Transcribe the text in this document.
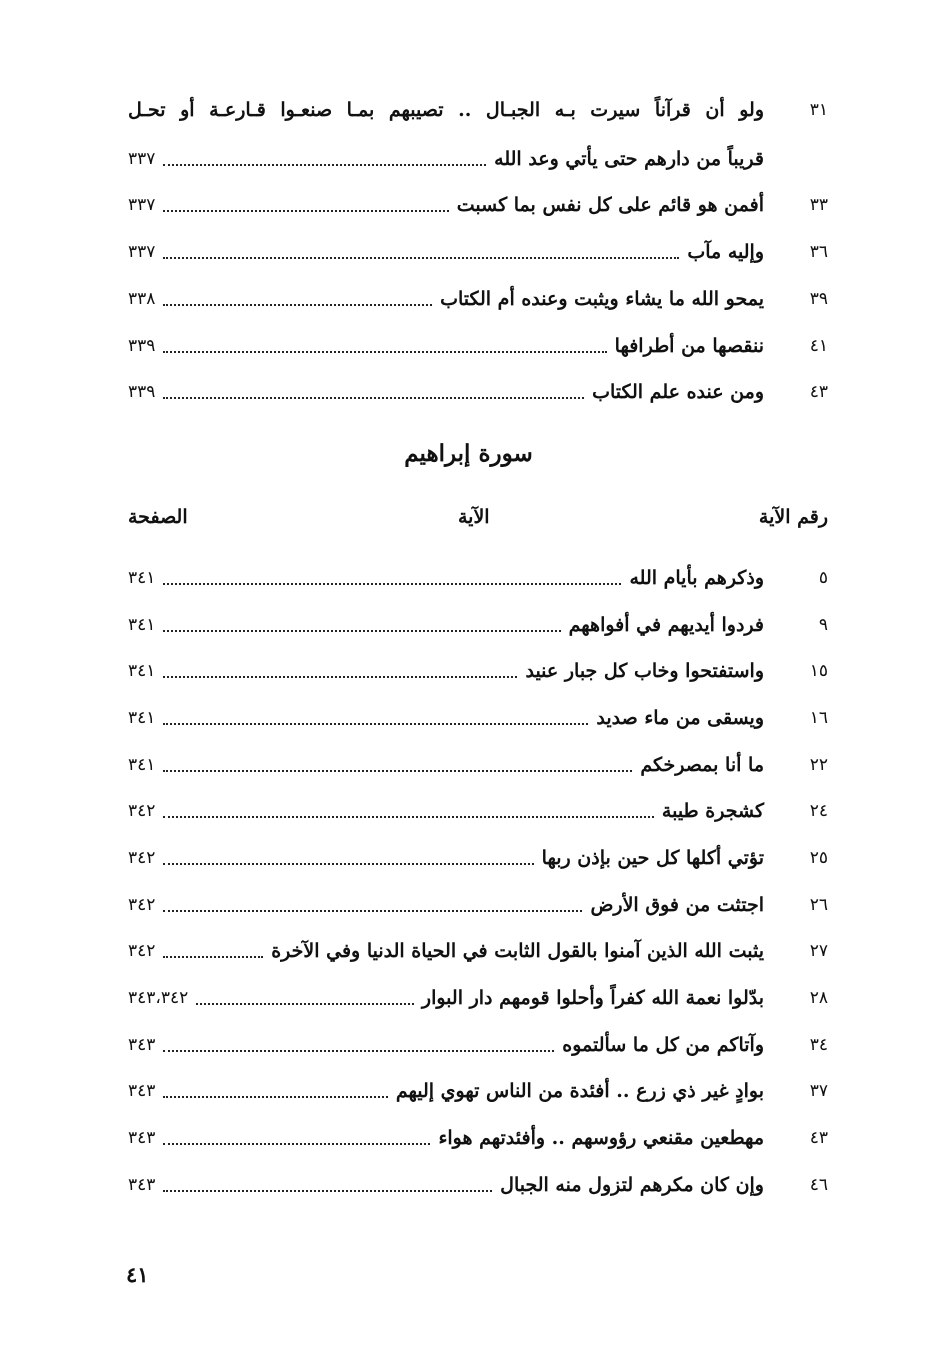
٣١
ولو أن قرآناً سيرت بـه الجبـال .. تصيبهم بمـا صنعـوا قـارعـة أو تحـل
قريباً من دارهم حتى يأتي وعد الله
٣٣٧
٣٣
أفمن هو قائم على كل نفس بما كسبت
٣٣٧
٣٦
وإليه مآب
٣٣٧
٣٩
يمحو الله ما يشاء ويثبت وعنده أم الكتاب
٣٣٨
٤١
ننقصها من أطرافها
٣٣٩
٤٣
ومن عنده علم الكتاب
٣٣٩
سورة إبراهيم
رقم الآية
الآية
الصفحة
٥
وذكرهم بأيام الله
٣٤١
٩
فردوا أيديهم في أفواههم
٣٤١
١٥
واستفتحوا وخاب كل جبار عنيد
٣٤١
١٦
ويسقى من ماء صديد
٣٤١
٢٢
ما أنا بمصرخكم
٣٤١
٢٤
كشجرة طيبة
٣٤٢
٢٥
تؤتي أكلها كل حين بإذن ربها
٣٤٢
٢٦
اجتثت من فوق الأرض
٣٤٢
٢٧
يثبت الله الذين آمنوا بالقول الثابت في الحياة الدنيا وفي الآخرة
٣٤٢
٢٨
بدّلوا نعمة الله كفراً وأحلوا قومهم دار البوار
٣٤٣،٣٤٢
٣٤
وآتاكم من كل ما سألتموه
٣٤٣
٣٧
بوادٍ غير ذي زرع .. أفئدة من الناس تهوي إليهم
٣٤٣
٤٣
مهطعين مقنعي رؤوسهم .. وأفئدتهم هواء
٣٤٣
٤٦
وإن كان مكرهم لتزول منه الجبال
٣٤٣
٤١
